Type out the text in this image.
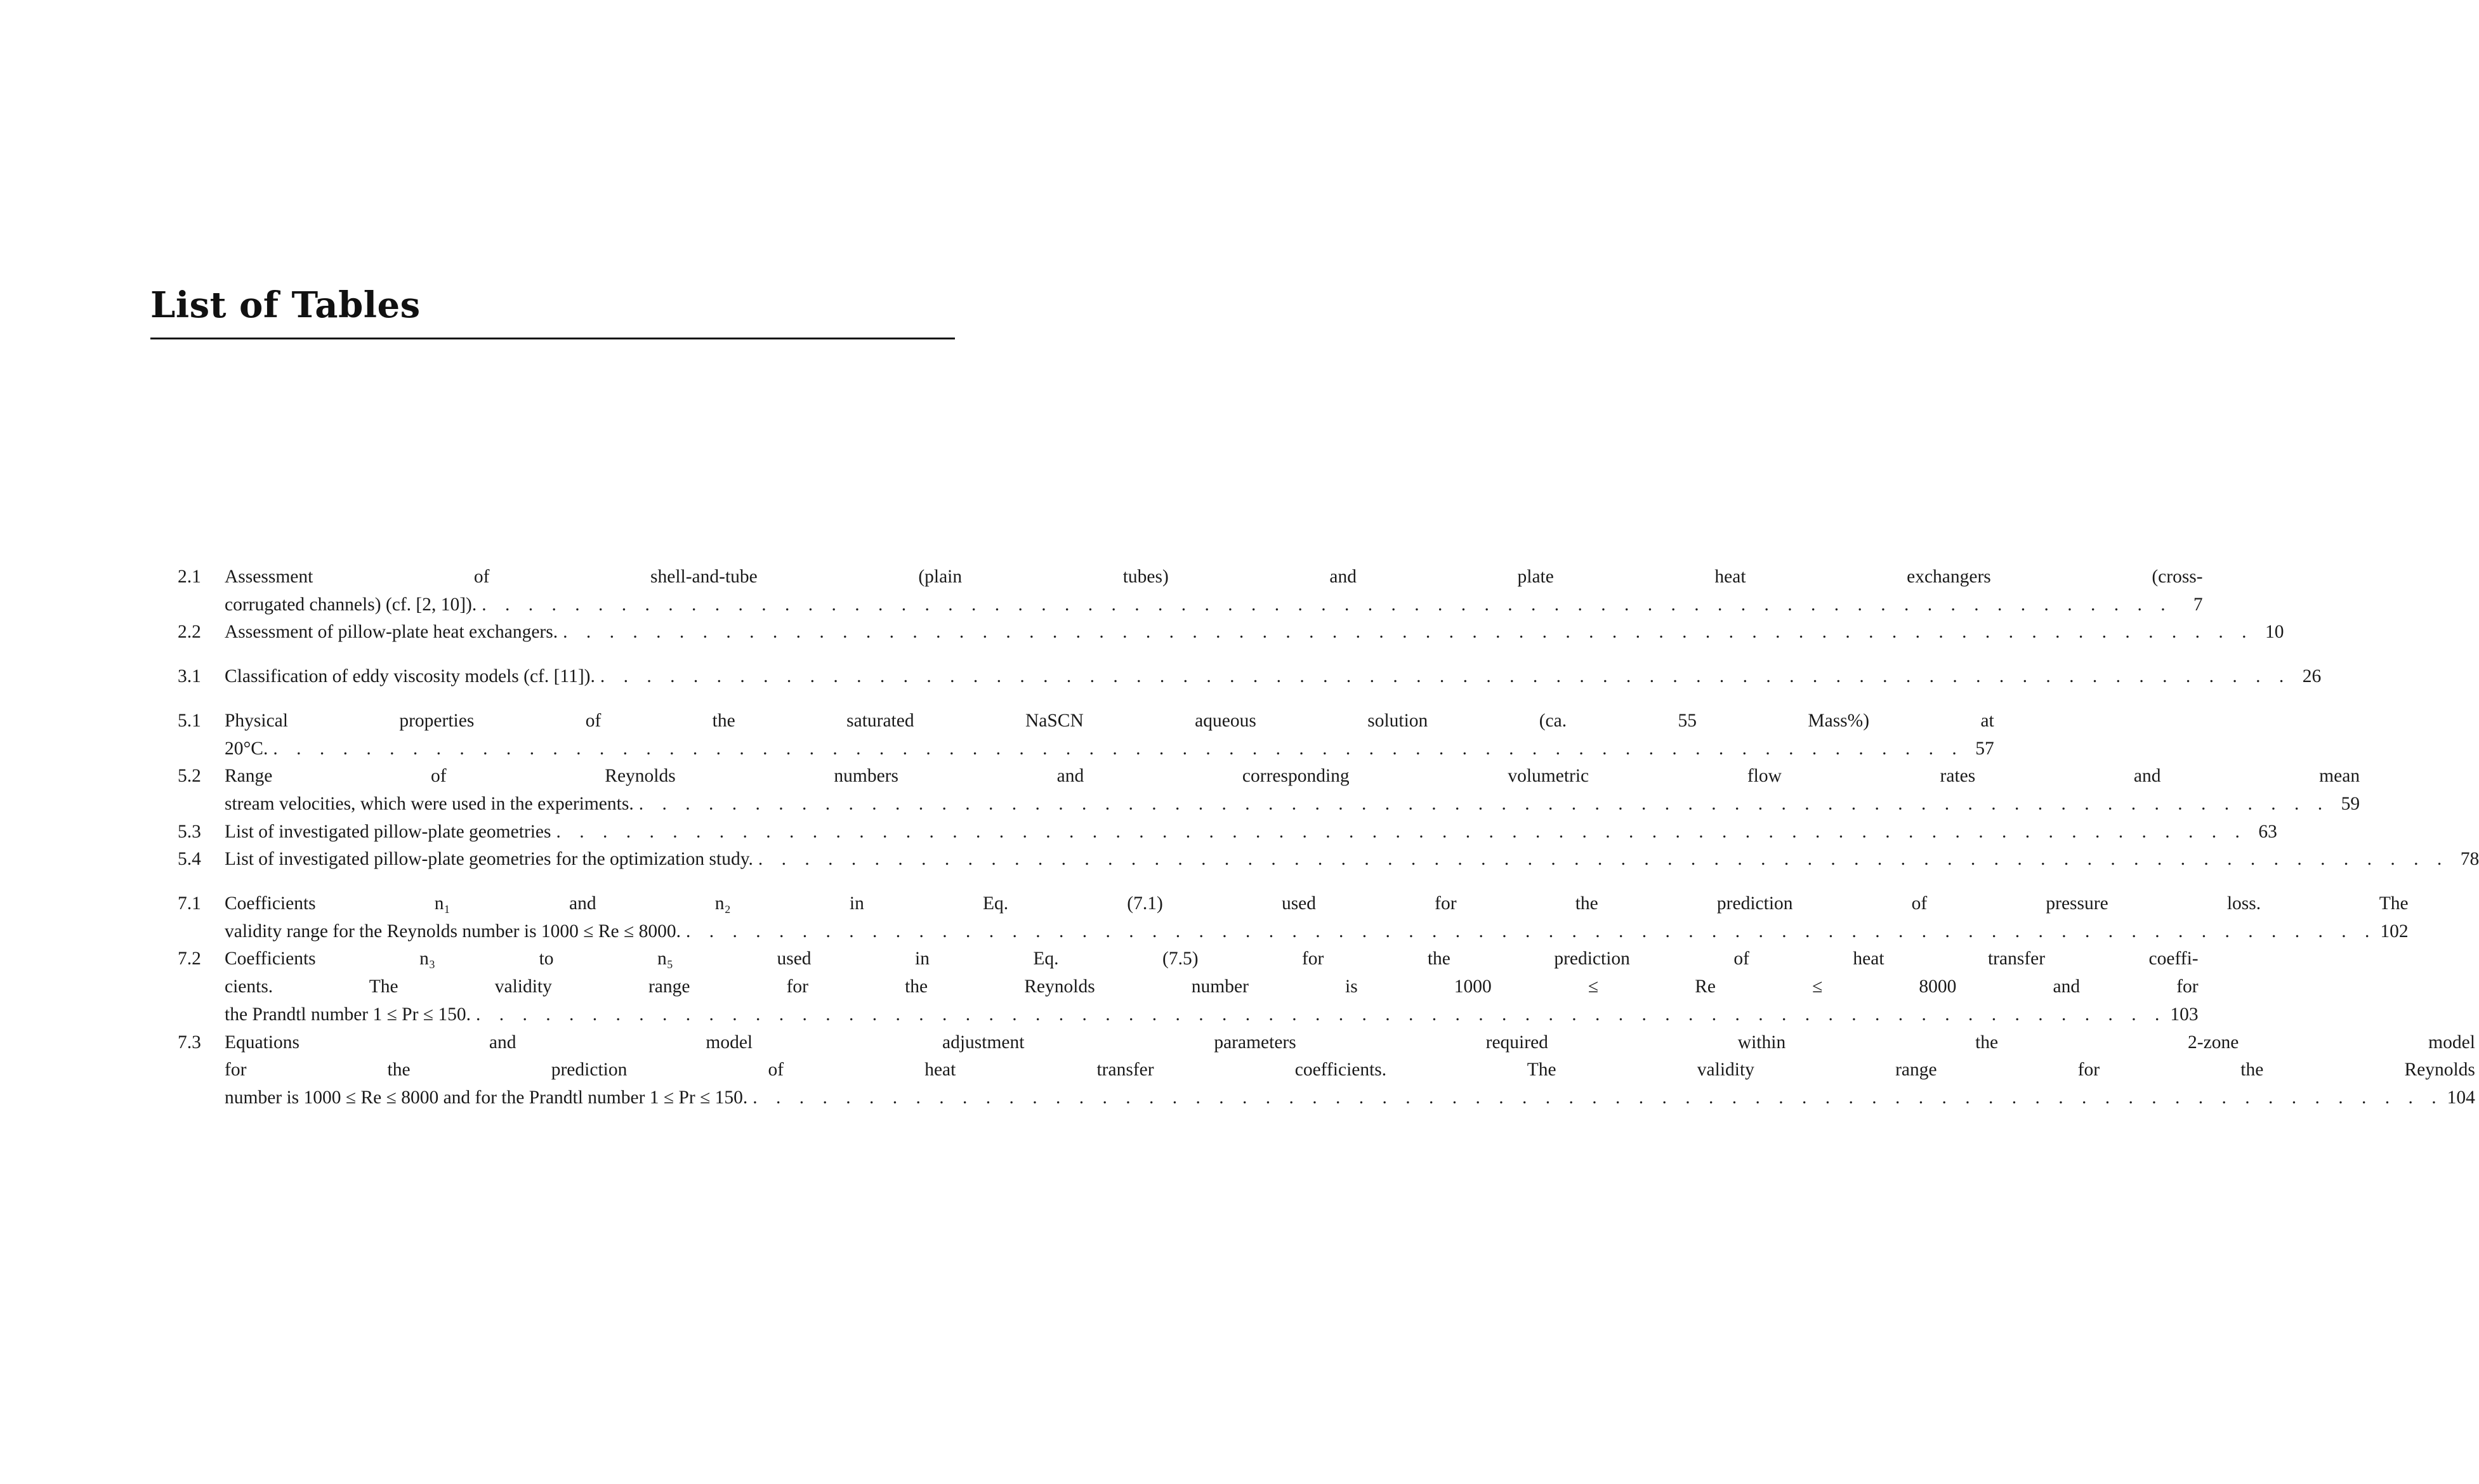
List of Tables
2.1	Assessment of shell-and-tube (plain tubes) and plate heat exchangers (cross-
corrugated channels) (cf. [2, 10]). . . .	7
2.2	Assessment of pillow-plate heat exchangers. . . .	10
3.1	Classification of eddy viscosity models (cf. [11]). . . .	26
5.1	Physical properties of the saturated NaSCN aqueous solution (ca. 55 Mass%) at
20°C. . . .	57
5.2	Range of Reynolds numbers and corresponding volumetric flow rates and mean
stream velocities, which were used in the experiments. . . .	59
5.3	List of investigated pillow-plate geometries . . .	63
5.4	List of investigated pillow-plate geometries for the optimization study. . . .	78
7.1	Coefficients n₁ and n₂ in Eq. (7.1) used for the prediction of pressure loss. The
validity range for the Reynolds number is 1000 ≤ Re ≤ 8000. . . .	102
7.2	Coefficients n₃ to n₅ used in Eq. (7.5) for the prediction of heat transfer coeffi-
cients. The validity range for the Reynolds number is 1000 ≤ Re ≤ 8000 and for
the Prandtl number 1 ≤ Pr ≤ 150. . . .	103
7.3	Equations and model adjustment parameters required within the 2-zone model
for the prediction of heat transfer coefficients. The validity range for the Reynolds
number is 1000 ≤ Re ≤ 8000 and for the Prandtl number 1 ≤ Pr ≤ 150. . . .	104
